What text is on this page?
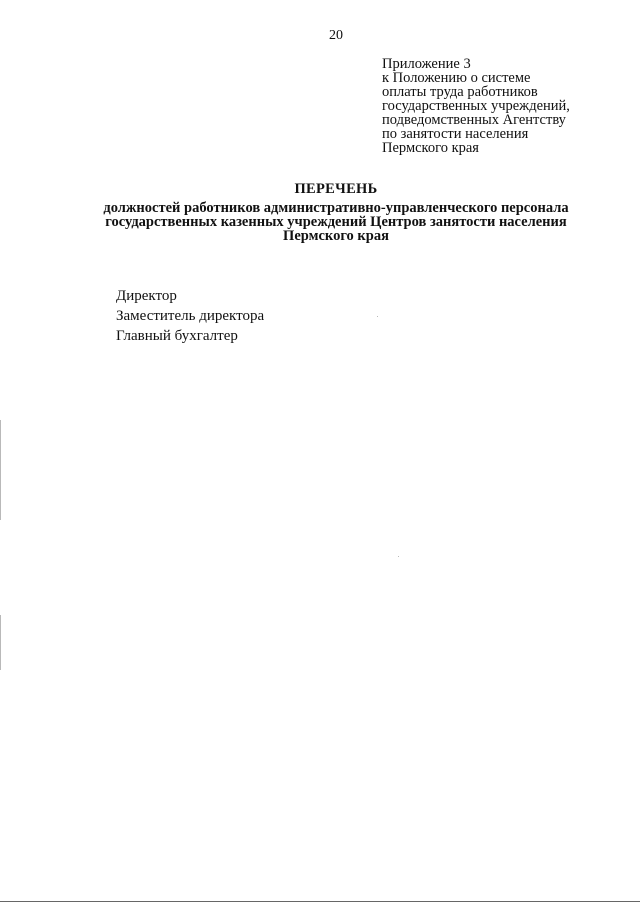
20
Приложение 3
к Положению о системе
оплаты труда работников
государственных учреждений,
подведомственных Агентству
по занятости населения
Пермского края
ПЕРЕЧЕНЬ
должностей работников административно-управленческого персонала
государственных казенных учреждений Центров занятости населения
Пермского края
Директор
Заместитель директора
Главный бухгалтер
